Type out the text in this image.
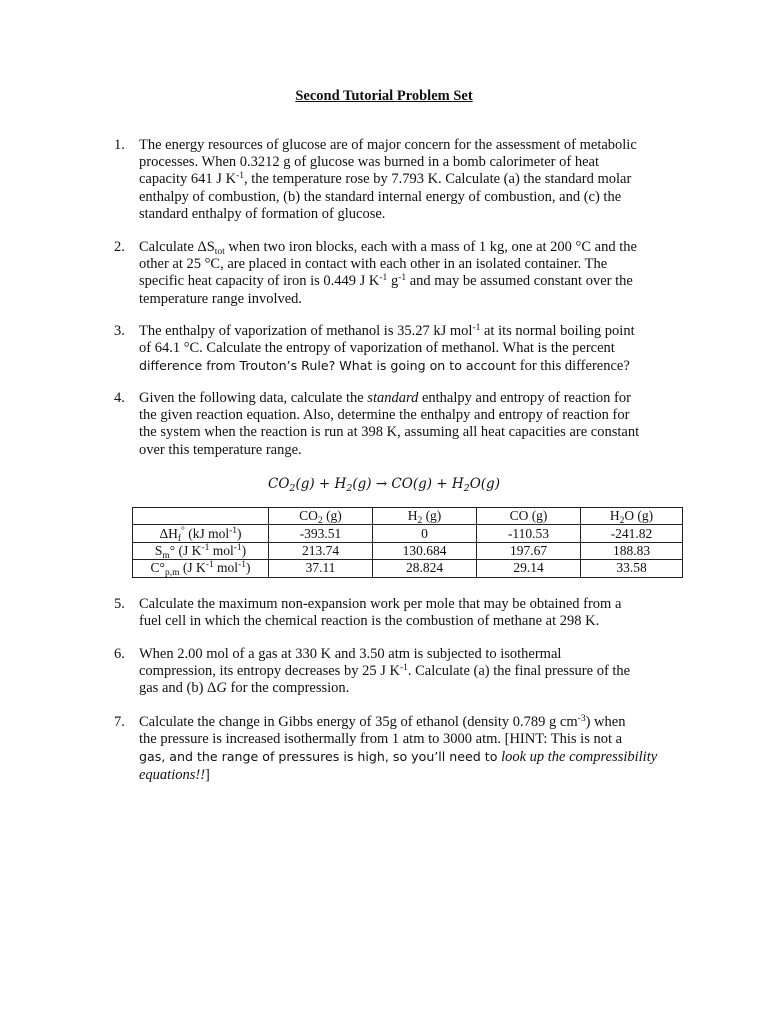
Second Tutorial Problem Set
1. The energy resources of glucose are of major concern for the assessment of metabolic
processes. When 0.3212 g of glucose was burned in a bomb calorimeter of heat
capacity 641 J $K^{-1}$, the temperature rose by 7.793 K. Calculate (a) the standard molar
enthalpy of combustion, (b) the standard internal energy of combustion, and (c) the
standard enthalpy of formation of glucose.
2. Calculate $\Delta S_{tot}$ when two iron blocks, each with a mass of 1 kg, one at 200 °C and the
other at 25 °C, are placed in contact with each other in an isolated container. The
specific heat capacity of iron is 0.449 J $K^{-1}$ $g^{-1}$ and may be assumed constant over the
temperature range involved.
3. The enthalpy of vaporization of methanol is 35.27 kJ mol$^{-1}$ at its normal boiling point
of 64.1 °C. Calculate the entropy of vaporization of methanol. What is the percent
difference from Trouton’s Rule? What is going on to account for this difference?
4. Given the following data, calculate the standard enthalpy and entropy of reaction for
the given reaction equation. Also, determine the enthalpy and entropy of reaction for
the system when the reaction is run at 398 K, assuming all heat capacities are constant
over this temperature range.
$CO_2(g) + H_2(g) \to CO(g) + H_2O(g)$
	$CO_2$ (g)	$H_2$ (g)	CO (g)	$H_2O$ (g)
$\Delta H_f^\circ$ (kJ mol$^{-1}$)	-393.51	0	-110.53	-241.82
$S_m^\circ$ (J $K^{-1}$ mol$^{-1}$)	213.74	130.684	197.67	188.83
$C^\circ_{p,m}$ (J $K^{-1}$ mol$^{-1}$)	37.11	28.824	29.14	33.58
5. Calculate the maximum non-expansion work per mole that may be obtained from a
fuel cell in which the chemical reaction is the combustion of methane at 298 K.
6. When 2.00 mol of a gas at 330 K and 3.50 atm is subjected to isothermal
compression, its entropy decreases by 25 J $K^{-1}$. Calculate (a) the final pressure of the
gas and (b) ΔG for the compression.
7. Calculate the change in Gibbs energy of 35g of ethanol (density 0.789 g $cm^{-3}$) when
the pressure is increased isothermally from 1 atm to 3000 atm. [HINT: This is not a
gas, and the range of pressures is high, so you’ll need to look up the compressibility
equations!!]
